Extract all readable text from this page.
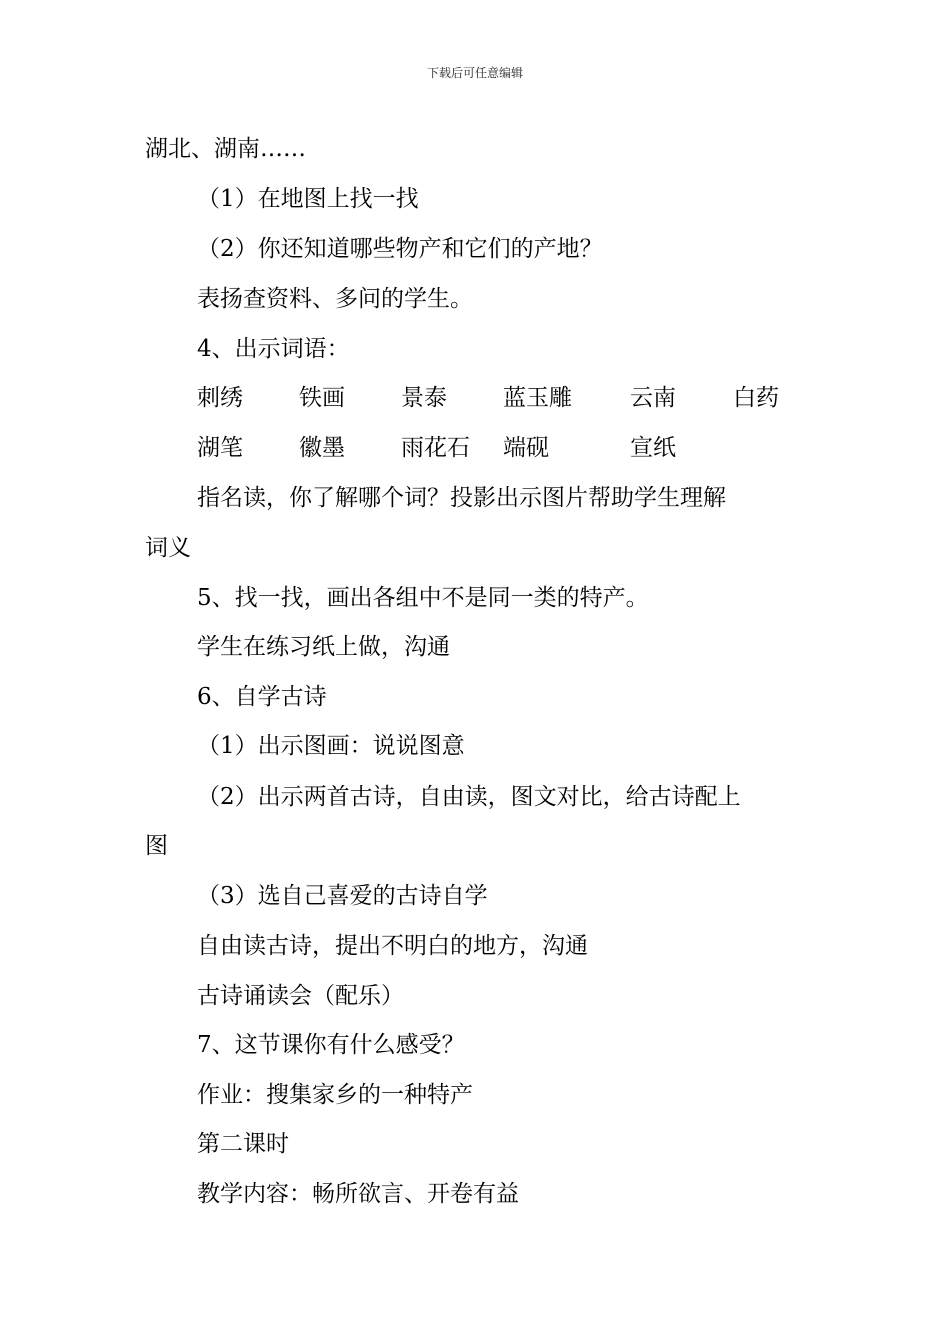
下载后可任意编辑
湖北、湖南……
（1）在地图上找一找
（2）你还知道哪些物产和它们的产地？
表扬查资料、多问的学生。
4、出示词语：
刺绣 铁画 景泰 蓝玉雕	云南 白药
湖笔 徽墨 雨花石 端砚	宣纸
指名读，你了解哪个词？投影出示图片帮助学生理解
词义
5、找一找，画出各组中不是同一类的特产。
学生在练习纸上做，沟通
6、自学古诗
（1）出示图画：说说图意
（2）出示两首古诗，自由读，图文对比，给古诗配上
图
（3）选自己喜爱的古诗自学
自由读古诗，提出不明白的地方，沟通
古诗诵读会（配乐）
7、这节课你有什么感受？
作业：搜集家乡的一种特产
第二课时
教学内容：畅所欲言、开卷有益
